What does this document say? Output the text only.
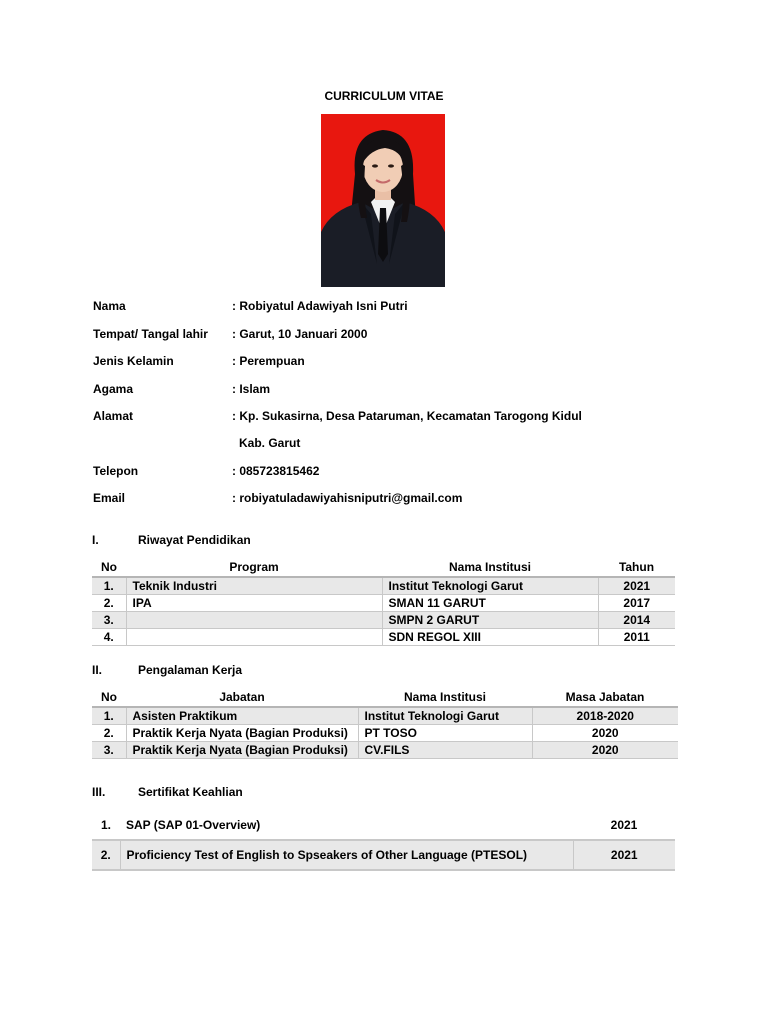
CURRICULUM VITAE
Nama	: Robiyatul Adawiyah Isni Putri
Tempat/ Tangal lahir : Garut, 10 Januari 2000
Jenis Kelamin	: Perempuan
Agama	: Islam
Alamat	: Kp. Sukasirna, Desa Pataruman, Kecamatan Tarogong Kidul
Kab. Garut
Telepon	: 085723815462
Email	: robiyatuladawiyahisniputri@gmail.com
I.	Riwayat Pendidikan
No	Program	Nama Institusi	Tahun
1.	Teknik Industri	Institut Teknologi Garut	2021
2.	IPA	SMAN 11 GARUT	2017
3.		SMPN 2 GARUT	2014
4.		SDN REGOL XIII	2011
II.	Pengalaman Kerja
No	Jabatan	Nama Institusi	Masa Jabatan
1.	Asisten Praktikum	Institut Teknologi Garut	2018-2020
2.	Praktik Kerja Nyata (Bagian Produksi)	PT TOSO	2020
3.	Praktik Kerja Nyata (Bagian Produksi)	CV.FILS	2020
III.	Sertifikat Keahlian
1.	SAP (SAP 01-Overview)	2021
2.	Proficiency Test of English to Spseakers of Other Language (PTESOL)	2021
